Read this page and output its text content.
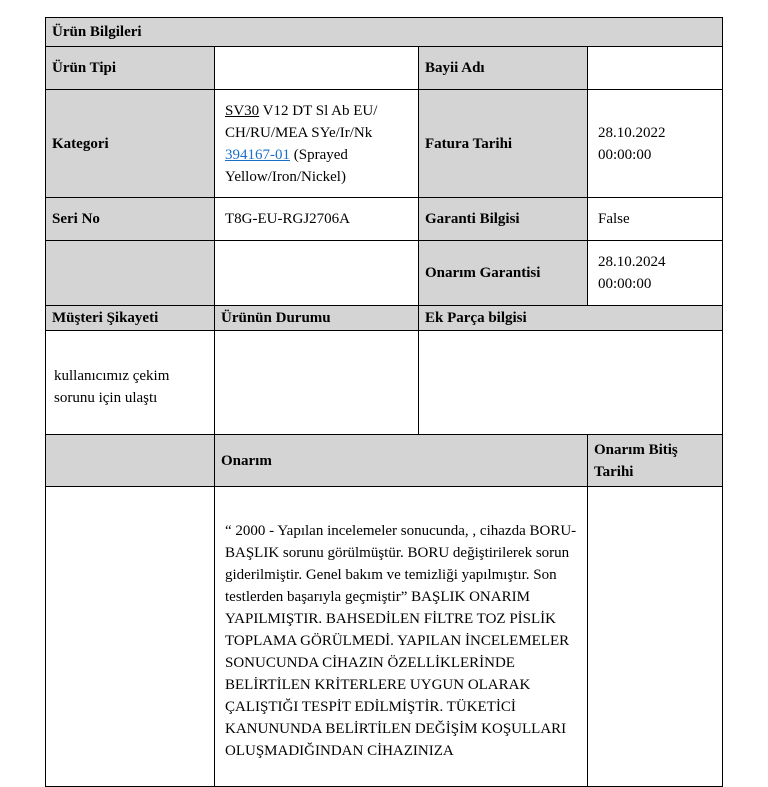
Ürün Bilgileri			
Ürün Tipi		Bayii Adı	
Kategori	SV30 V12 DT Sl Ab EU/ CH/RU/MEA SYe/Ir/Nk 394167-01 (Sprayed Yellow/Iron/Nickel)	Fatura Tarihi	28.10.2022 00:00:00
Seri No	T8G-EU-RGJ2706A	Garanti Bilgisi	False
		Onarım Garantisi	28.10.2024 00:00:00
Müşteri Şikayeti	Ürünün Durumu	Ek Parça bilgisi	
kullanıcımız çekim sorunu için ulaştı			
	Onarım		Onarım Bitiş Tarihi
	“ 2000 - Yapılan incelemeler sonucunda, , cihazda BORU-BAŞLIK sorunu görülmüştür. BORU değiştirilerek sorun giderilmiştir. Genel bakım ve temizliği yapılmıştır. Son testlerden başarıyla geçmiştir” BAŞLIK ONARIM YAPILMIŞTIR. BAHSEDİLEN FİLTRE TOZ PİSLİK TOPLAMA GÖRÜLMEDİ. YAPILAN İNCELEMELER SONUCUNDA CİHAZIN ÖZELLİKLERİNDE BELİRTİLEN KRİTERLERE UYGUN OLARAK ÇALIŞTIĞI TESPİT EDİLMİŞTİR. TÜKETİCİ KANUNUNDA BELİRTİLEN DEĞİŞİM KOŞULLARI OLUŞMADIĞINDAN CİHAZINIZA		
